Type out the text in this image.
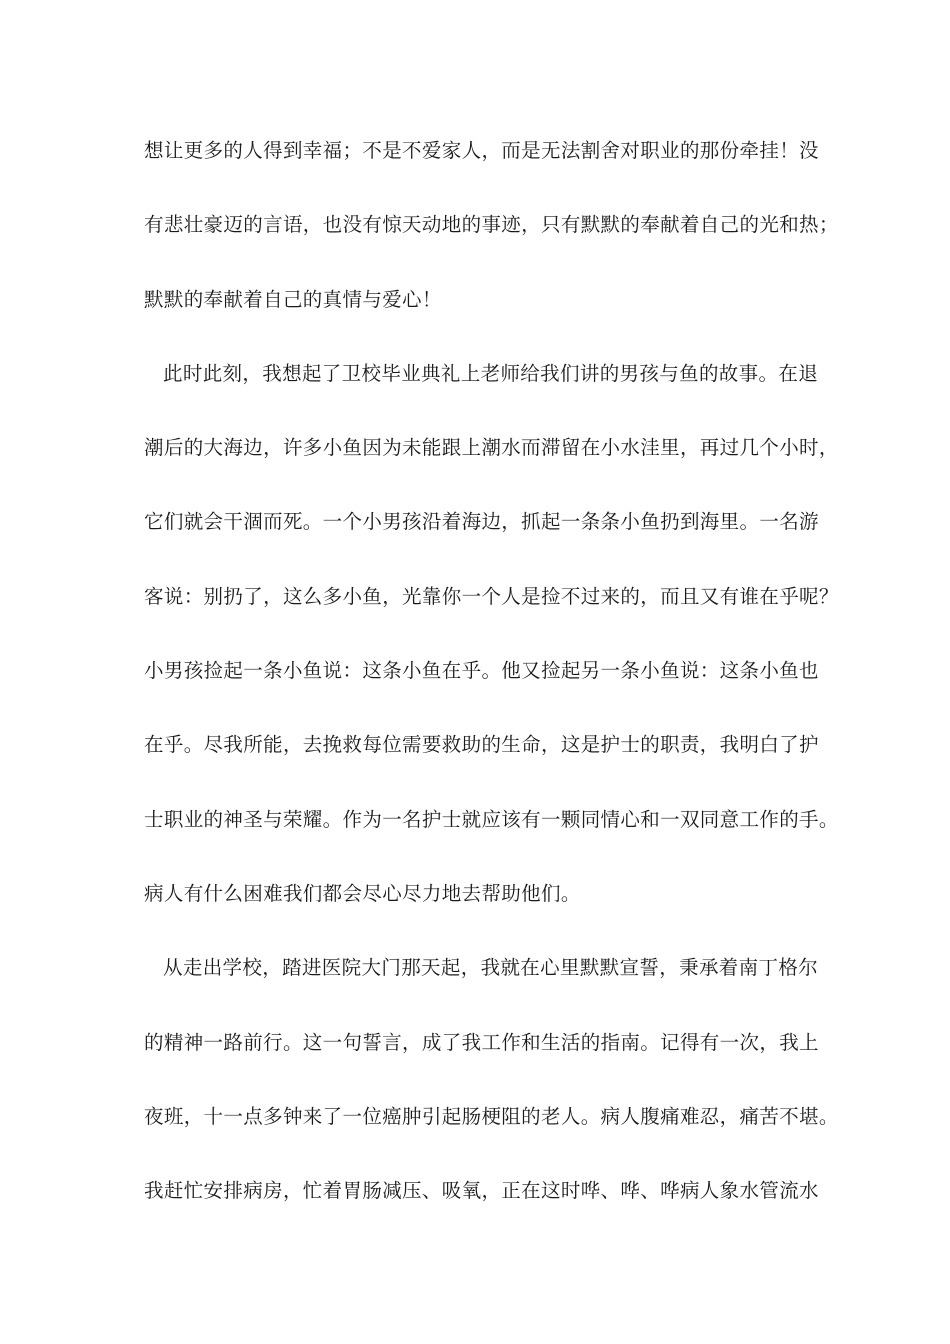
想让更多的人得到幸福；不是不爱家人，而是无法割舍对职业的那份牵挂！没
有悲壮豪迈的言语，也没有惊天动地的事迹，只有默默的奉献着自己的光和热；
默默的奉献着自己的真情与爱心！
此时此刻，我想起了卫校毕业典礼上老师给我们讲的男孩与鱼的故事。在退
潮后的大海边，许多小鱼因为未能跟上潮水而滞留在小水洼里，再过几个小时，
它们就会干涸而死。一个小男孩沿着海边，抓起一条条小鱼扔到海里。一名游
客说：别扔了，这么多小鱼，光靠你一个人是捡不过来的，而且又有谁在乎呢？
小男孩捡起一条小鱼说：这条小鱼在乎。他又捡起另一条小鱼说：这条小鱼也
在乎。尽我所能，去挽救每位需要救助的生命，这是护士的职责，我明白了护
士职业的神圣与荣耀。作为一名护士就应该有一颗同情心和一双同意工作的手。
病人有什么困难我们都会尽心尽力地去帮助他们。
从走出学校，踏进医院大门那天起，我就在心里默默宣誓，秉承着南丁格尔
的精神一路前行。这一句誓言，成了我工作和生活的指南。记得有一次，我上
夜班，十一点多钟来了一位癌肿引起肠梗阻的老人。病人腹痛难忍，痛苦不堪。
我赶忙安排病房，忙着胃肠减压、吸氧，正在这时哗、哗、哗病人象水管流水
